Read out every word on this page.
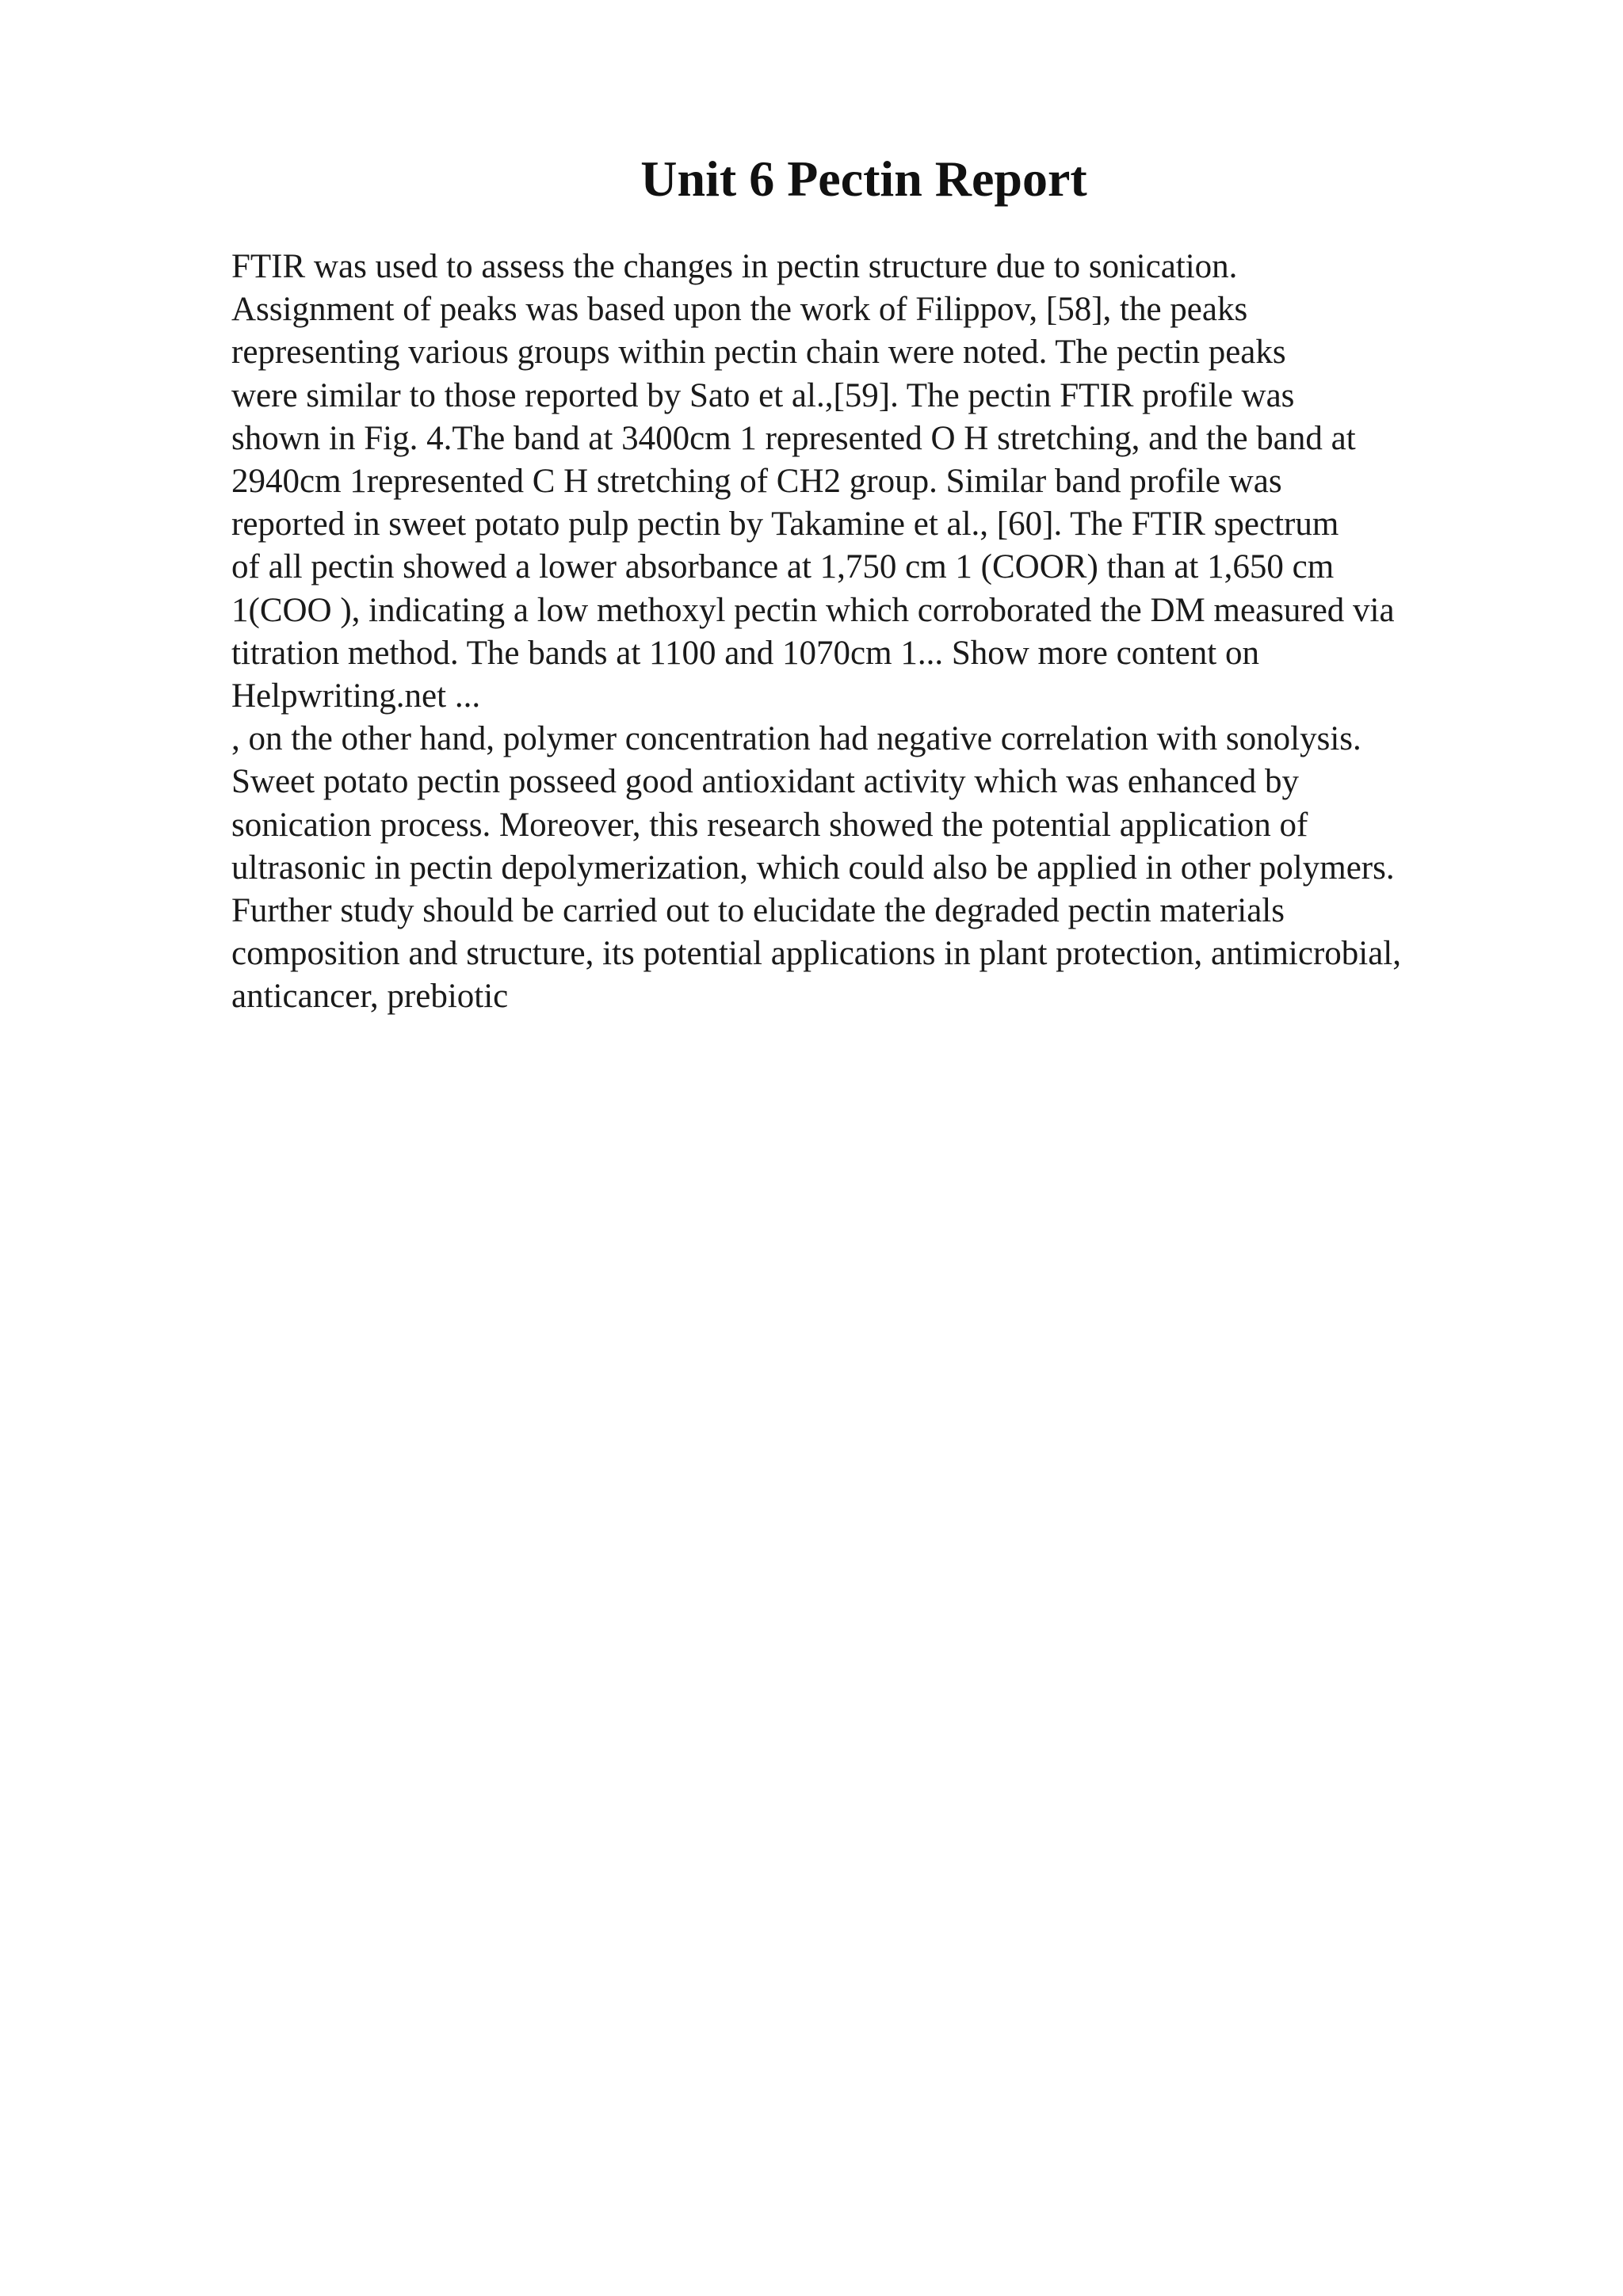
Unit 6 Pectin Report
FTIR was used to assess the changes in pectin structure due to sonication.
Assignment of peaks was based upon the work of Filippov, [58], the peaks
representing various groups within pectin chain were noted. The pectin peaks
were similar to those reported by Sato et al.,[59]. The pectin FTIR profile was
shown in Fig. 4.The band at 3400cm 1 represented O H stretching, and the band at
2940cm 1represented C H stretching of CH2 group. Similar band profile was
reported in sweet potato pulp pectin by Takamine et al., [60]. The FTIR spectrum
of all pectin showed a lower absorbance at 1,750 cm 1 (COOR) than at 1,650 cm
1(COO ), indicating a low methoxyl pectin which corroborated the DM measured via
titration method. The bands at 1100 and 1070cm 1... Show more content on
Helpwriting.net ...
, on the other hand, polymer concentration had negative correlation with sonolysis.
Sweet potato pectin posseed good antioxidant activity which was enhanced by
sonication process. Moreover, this research showed the potential application of
ultrasonic in pectin depolymerization, which could also be applied in other polymers.
Further study should be carried out to elucidate the degraded pectin materials
composition and structure, its potential applications in plant protection, antimicrobial,
anticancer, prebiotic
